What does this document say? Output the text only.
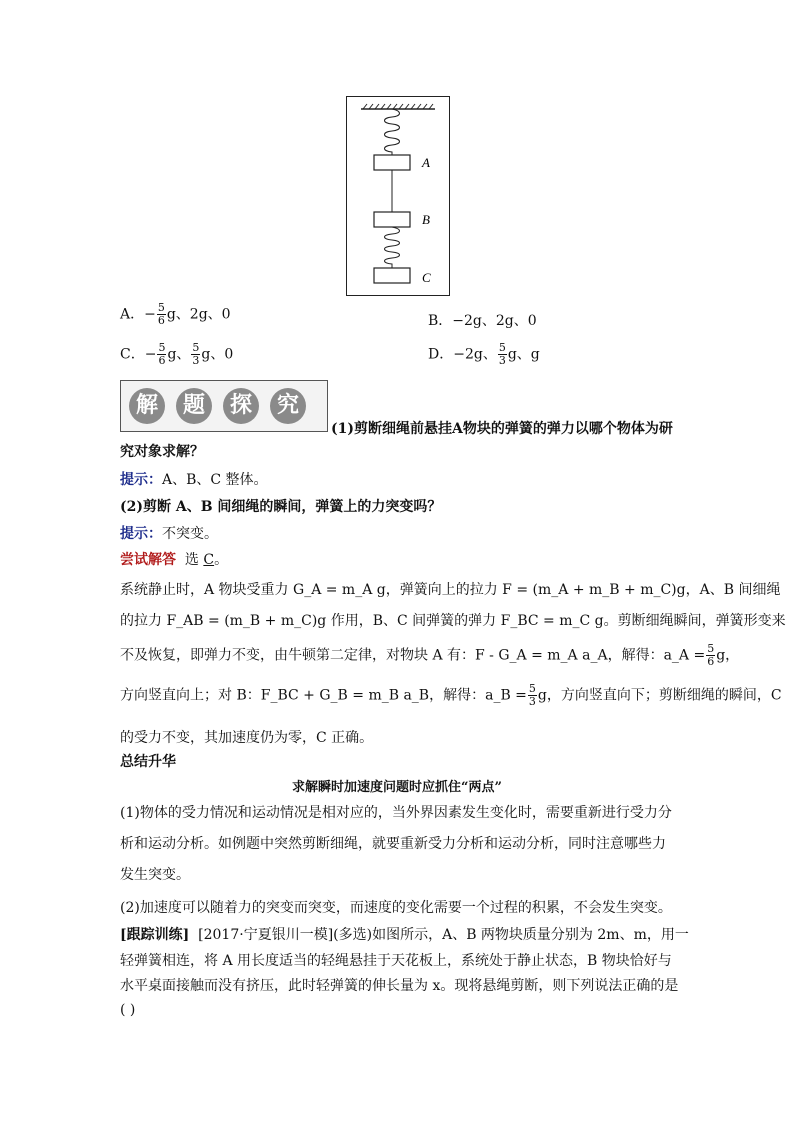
A
B
C
A．− $\frac{5}{6}$ g、2g、0	B．−2g、2g、0
C．− $\frac{5}{6}$ g、 $\frac{5}{3}$ g、0	D．−2g、 $\frac{5}{3}$ g、g
解	题	探	究
(1)剪断细绳前悬挂A物块的弹簧的弹力以哪个物体为研
究对象求解？
提示：A、B、C 整体。
(2)剪断 A、B 间细绳的瞬间，弹簧上的力突变吗？
提示：不突变。
尝试解答 选 C。
系统静止时，A 物块受重力 G_A = m_A g，弹簧向上的拉力 F = (m_A + m_B + m_C)g，A、B 间细绳
的拉力 F_AB = (m_B + m_C)g 作用，B、C 间弹簧的弹力 F_BC = m_C g。剪断细绳瞬间，弹簧形变来
不及恢复，即弹力不变，由牛顿第二定律，对物块 A 有：F - G_A = m_A a_A，解得：a_A = $\frac{5}{6}$ g，
方向竖直向上；对 B：F_BC + G_B = m_B a_B，解得：a_B = $\frac{5}{3}$ g，方向竖直向下；剪断细绳的瞬间，C
的受力不变，其加速度仍为零，C 正确。
总结升华
求解瞬时加速度问题时应抓住“两点”
(1)物体的受力情况和运动情况是相对应的，当外界因素发生变化时，需要重新进行受力分
析和运动分析。如例题中突然剪断细绳，就要重新受力分析和运动分析，同时注意哪些力
发生突变。
(2)加速度可以随着力的突变而突变，而速度的变化需要一个过程的积累，不会发生突变。
[跟踪训练] [2017·宁夏银川一模](多选)如图所示，A、B 两物块质量分别为 2m、m，用一
轻弹簧相连，将 A 用长度适当的轻绳悬挂于天花板上，系统处于静止状态，B 物块恰好与
水平桌面接触而没有挤压，此时轻弹簧的伸长量为 x。现将悬绳剪断，则下列说法正确的是
( )
